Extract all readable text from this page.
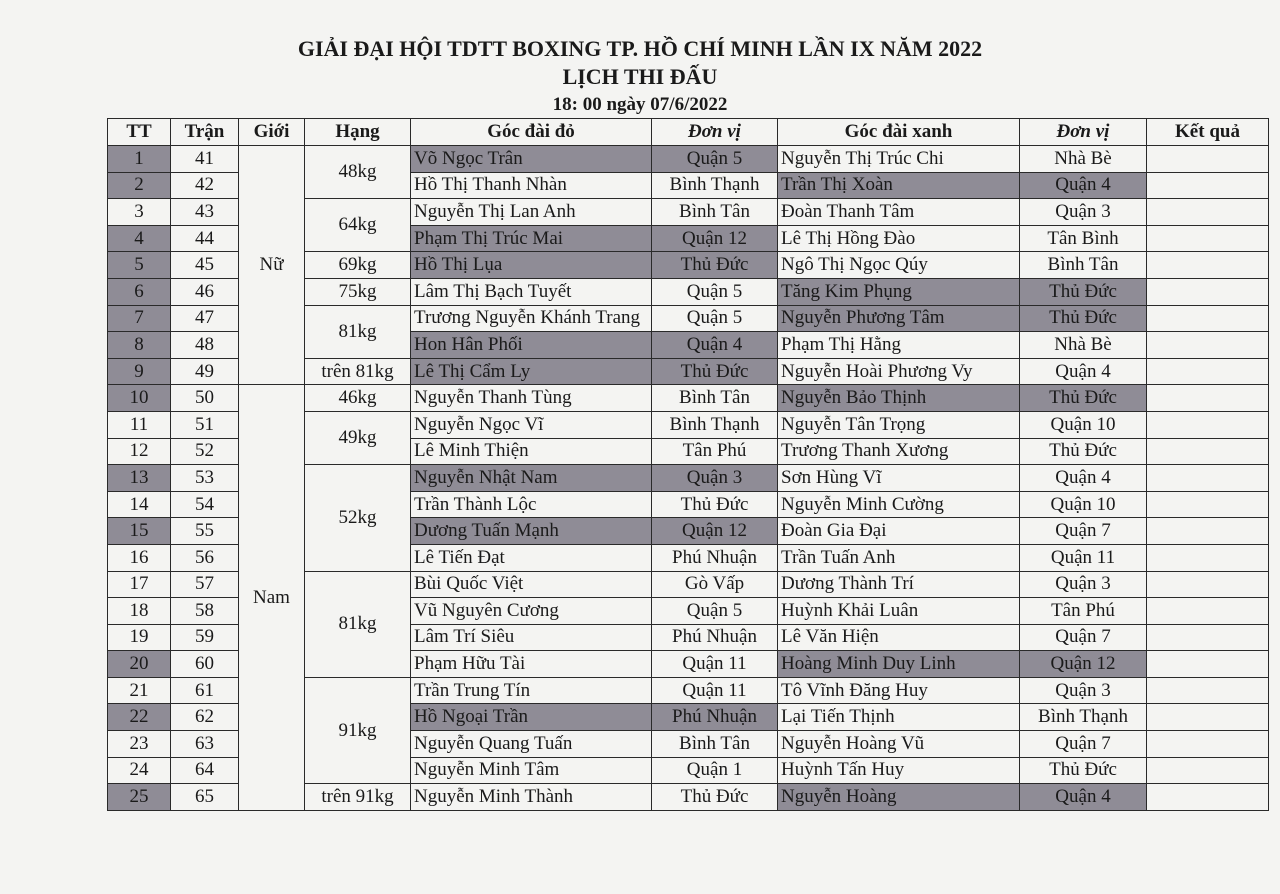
GIẢI ĐẠI HỘI TDTT BOXING TP. HỒ CHÍ MINH LẦN IX NĂM 2022
LỊCH THI ĐẤU
18: 00 ngày 07/6/2022
TT	Trận	Giới	Hạng	Góc đài đỏ	Đơn vị	Góc đài xanh	Đơn vị	Kết quả
1	41	Nữ	48kg	Võ Ngọc Trân	Quận 5	Nguyễn Thị Trúc Chi	Nhà Bè	
2	42			Hồ Thị Thanh Nhàn	Bình Thạnh	Trần Thị Xoàn	Quận 4	
3	43		64kg	Nguyễn Thị Lan Anh	Bình Tân	Đoàn Thanh Tâm	Quận 3	
4	44			Phạm Thị Trúc Mai	Quận 12	Lê Thị Hồng Đào	Tân Bình	
5	45		69kg	Hồ Thị Lụa	Thủ Đức	Ngô Thị Ngọc Qúy	Bình Tân	
6	46		75kg	Lâm Thị Bạch Tuyết	Quận 5	Tăng Kim Phụng	Thủ Đức	
7	47		81kg	Trương Nguyễn Khánh Trang	Quận 5	Nguyễn Phương Tâm	Thủ Đức	
8	48			Hon Hân Phối	Quận 4	Phạm Thị Hằng	Nhà Bè	
9	49		trên 81kg	Lê Thị Cẩm Ly	Thủ Đức	Nguyễn Hoài Phương Vy	Quận 4	
10	50	Nam	46kg	Nguyễn Thanh Tùng	Bình Tân	Nguyễn Bảo Thịnh	Thủ Đức	
11	51		49kg	Nguyễn Ngọc Vĩ	Bình Thạnh	Nguyễn Tân Trọng	Quận 10	
12	52			Lê Minh Thiện	Tân Phú	Trương Thanh Xương	Thủ Đức	
13	53		52kg	Nguyễn Nhật Nam	Quận 3	Sơn Hùng Vĩ	Quận 4	
14	54			Trần Thành Lộc	Thủ Đức	Nguyễn Minh Cường	Quận 10	
15	55			Dương Tuấn Mạnh	Quận 12	Đoàn Gia Đại	Quận 7	
16	56			Lê Tiến Đạt	Phú Nhuận	Trần Tuấn Anh	Quận 11	
17	57		81kg	Bùi Quốc Việt	Gò Vấp	Dương Thành Trí	Quận 3	
18	58			Vũ Nguyên Cương	Quận 5	Huỳnh Khải Luân	Tân Phú	
19	59			Lâm Trí Siêu	Phú Nhuận	Lê Văn Hiện	Quận 7	
20	60			Phạm Hữu Tài	Quận 11	Hoàng Minh Duy Linh	Quận 12	
21	61		91kg	Trần Trung Tín	Quận 11	Tô Vĩnh Đăng Huy	Quận 3	
22	62			Hồ Ngoại Trần	Phú Nhuận	Lại Tiến Thịnh	Bình Thạnh	
23	63			Nguyễn Quang Tuấn	Bình Tân	Nguyễn Hoàng Vũ	Quận 7	
24	64			Nguyễn Minh Tâm	Quận 1	Huỳnh Tấn Huy	Thủ Đức	
25	65		trên 91kg	Nguyễn Minh Thành	Thủ Đức	Nguyễn Hoàng	Quận 4	
